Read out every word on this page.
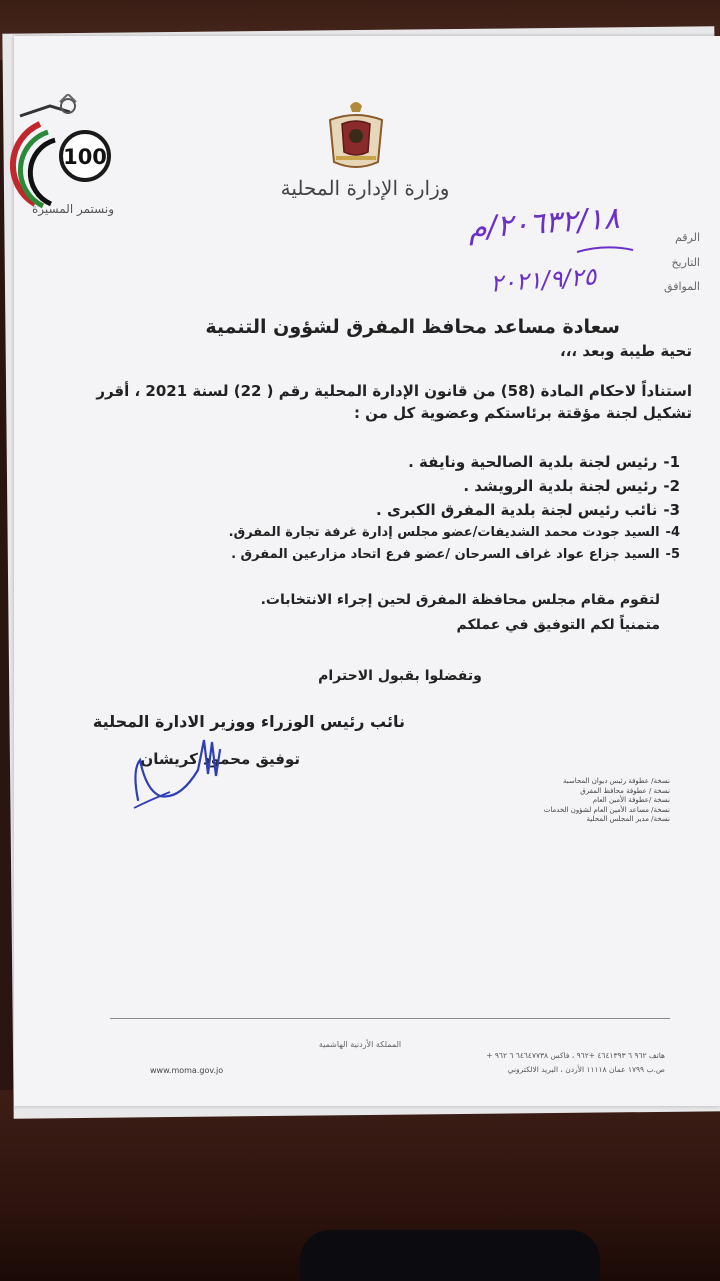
100
ونستمر المسيرة
وزارة الإدارة المحلية
الرقم
التاريخ
الموافق
٢٠٦٣٢/١٨/م
٢٠٢١/٩/٢٥
سعادة مساعد محافظ المفرق لشؤون التنمية
تحية طيبة وبعد ،،،
استناداً لاحكام المادة (58) من قانون الإدارة المحلية رقم ( 22) لسنة 2021 ، أقرر تشكيل لجنة مؤقتة برئاستكم وعضوية كل من :
1-رئيس لجنة بلدية الصالحية ونايفة .
2-رئيس لجنة بلدية الرويشد .
3-نائب رئيس لجنة بلدية المفرق الكبرى .
4-السيد جودت محمد الشديفات/عضو مجلس إدارة غرفة تجارة المفرق.
5-السيد جزاع عواد غراف السرحان /عضو فرع اتحاد مزارعين المفرق .
لتقوم مقام مجلس محافظة المفرق لحين إجراء الانتخابات.
متمنياً لكم التوفيق في عملكم
وتفضلوا بقبول الاحترام
نائب رئيس الوزراء ووزير الادارة المحلية
توفيق محمود كريشان
نسخة/ عطوفة رئيس ديوان المحاسبة
نسخة / عطوفة محافظ المفرق
نسخة /عطوفة الأمين العام
نسخة/ مساعد الأمين العام لشؤون الخدمات
نسخة/ مدير المجلس المحلية
المملكة الأردنية الهاشمية
هاتف ٩٦٢ ٦ ٤٦٤١٣٩٣ +٩٦٢ ، فاكس ٦٤٦٤٧٧٣٨ ٦ ٩٦٢ +
ص.ب ١٧٩٩ عمان ١١١١٨ الأردن ، البريد الالكتروني
www.moma.gov.jo
